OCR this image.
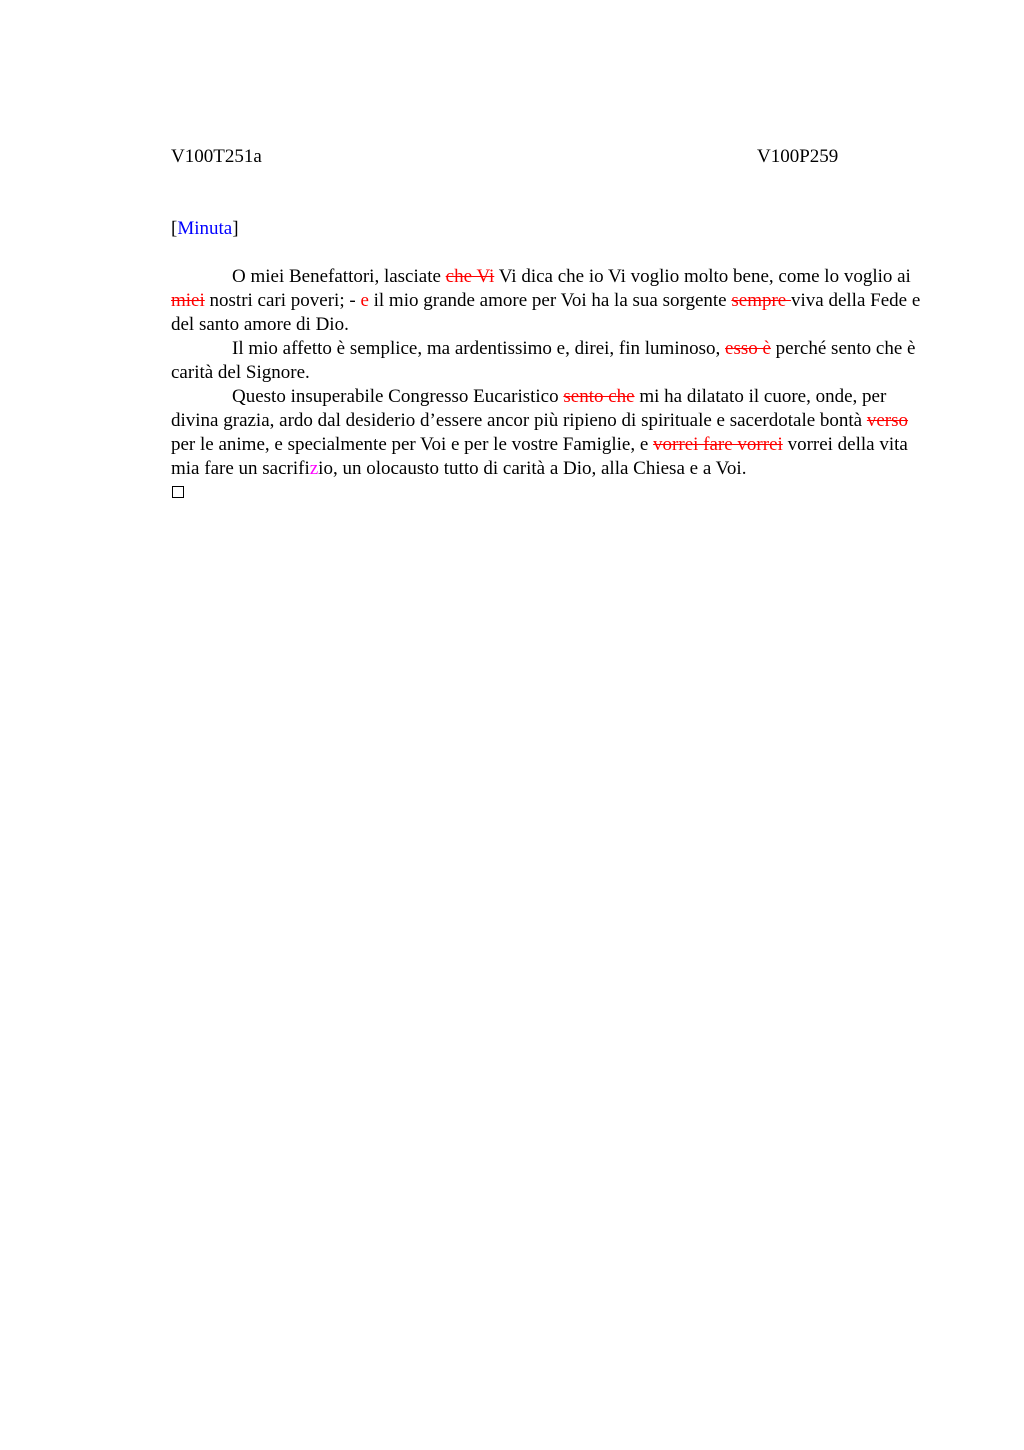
V100T251a	V100P259
[Minuta]

O miei Benefattori, lasciate che Vi Vi dica che io Vi voglio molto bene, come lo voglio ai miei nostri cari poveri; - e il mio grande amore per Voi ha la sua sorgente sempre viva della Fede e del santo amore di Dio.

Il mio affetto è semplice, ma ardentissimo e, direi, fin luminoso, esso è perché sento che è carità del Signore.

Questo insuperabile Congresso Eucaristico sento che mi ha dilatato il cuore, onde, per divina grazia, ardo dal desiderio d’essere ancor più ripieno di spirituale e sacerdotale bontà verso per le anime, e specialmente per Voi e per le vostre Famiglie, e vorrei fare vorrei vorrei della vita mia fare un sacrifizio, un olocausto tutto di carità a Dio, alla Chiesa e a Voi.
